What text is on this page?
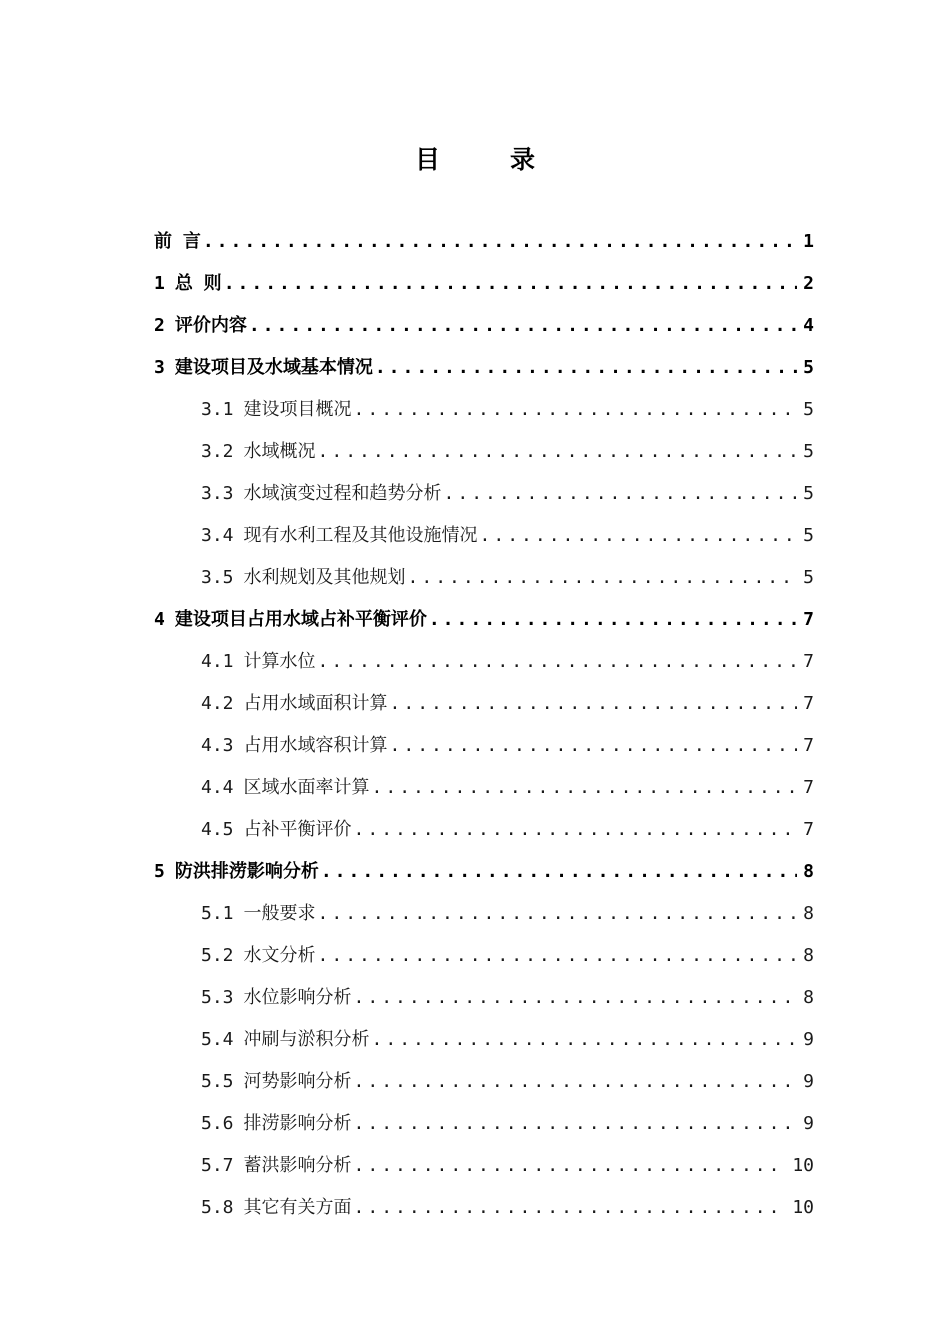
目	录
前 言 .....	1
1 总 则 .....	2
2 评价内容 .....	4
3 建设项目及水域基本情况 .....	5
3.1 建设项目概况 .....	5
3.2 水域概况 .....	5
3.3 水域演变过程和趋势分析 .....	5
3.4 现有水利工程及其他设施情况 .....	5
3.5 水利规划及其他规划 .....	5
4 建设项目占用水域占补平衡评价 .....	7
4.1 计算水位 .....	7
4.2 占用水域面积计算 .....	7
4.3 占用水域容积计算 .....	7
4.4 区域水面率计算 .....	7
4.5 占补平衡评价 .....	7
5 防洪排涝影响分析 .....	8
5.1 一般要求 .....	8
5.2 水文分析 .....	8
5.3 水位影响分析 .....	8
5.4 冲刷与淤积分析 .....	9
5.5 河势影响分析 .....	9
5.6 排涝影响分析 .....	9
5.7 蓄洪影响分析 .....	10
5.8 其它有关方面 .....	10
